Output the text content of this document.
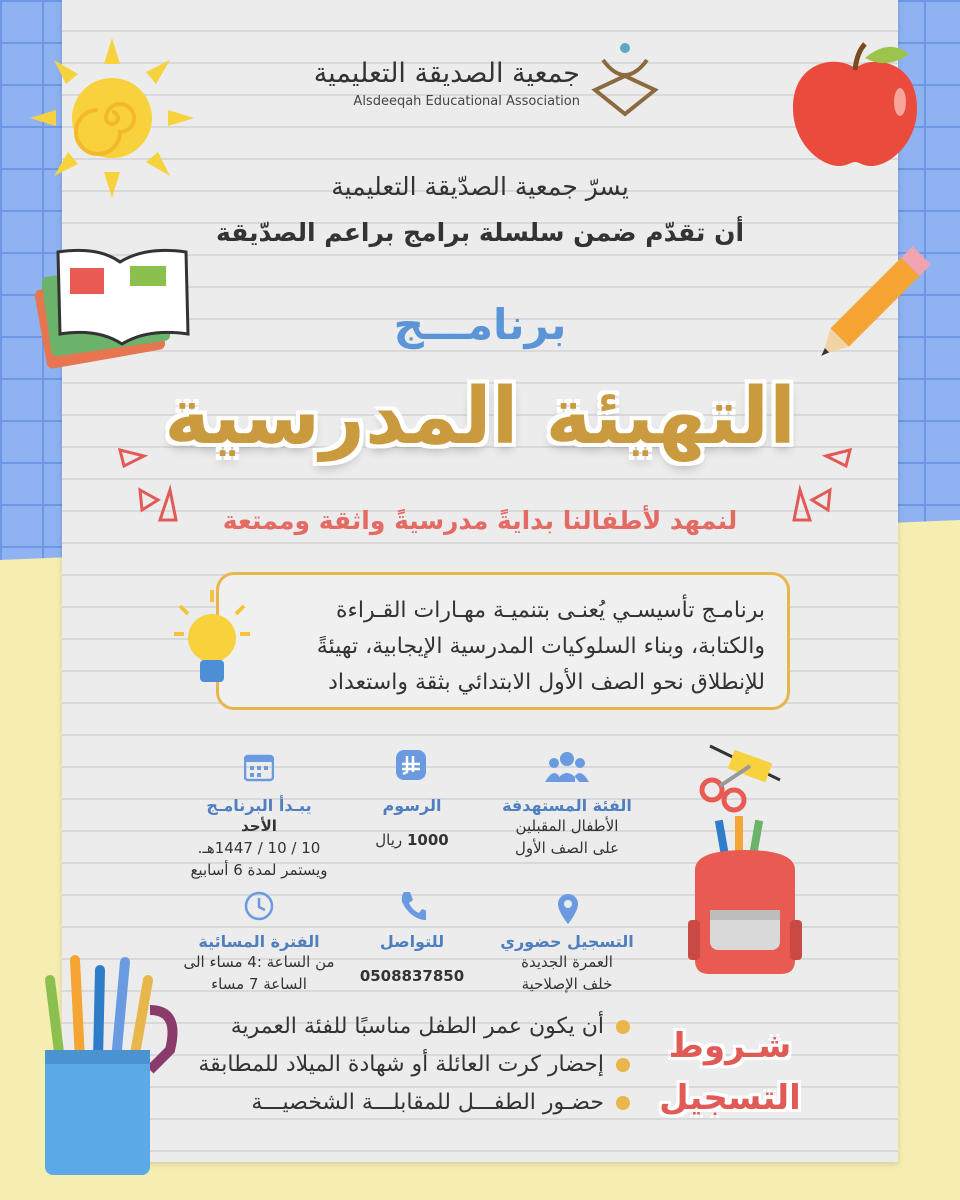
جمعية الصديقة التعليمية
Alsdeeqah Educational Association
يسرّ جمعية الصدّيقة التعليمية
أن تقدّم ضمن سلسلة برامج براعم الصدّيقة
برنامـــج
التهيئة المدرسية
لنمهد لأطفالنا بدايةً مدرسيةً واثقة وممتعة
برنامـج تأسيسـي يُعنـى بتنميـة مهـارات القـراءة
والكتابة، وبناء السلوكيات المدرسية الإيجابية، تهيئةً
للإنطلاق نحو الصف الأول الابتدائي بثقة واستعداد
الفئة المستهدفة
الأطفال المقبلين
على الصف الأول
التسجيل حضوري
العمرة الجديدة
خلف الإصلاحية
الرسوم
1000 ريال
للتواصل
0508837850
يبـدأ البرنامـج
الأحد
10 / 10 / 1447هـ.
ويستمر لمدة 6 أسابيع
الفترة المسائية
من الساعة :4 مساء الى
الساعة 7 مساء
شـروط
التسجيل
أن يكون عمر الطفل مناسبًا للفئة العمرية
إحضار كرت العائلة أو شهادة الميلاد للمطابقة
حضـور الطفـــل للمقابلـــة الشخصيـــة
